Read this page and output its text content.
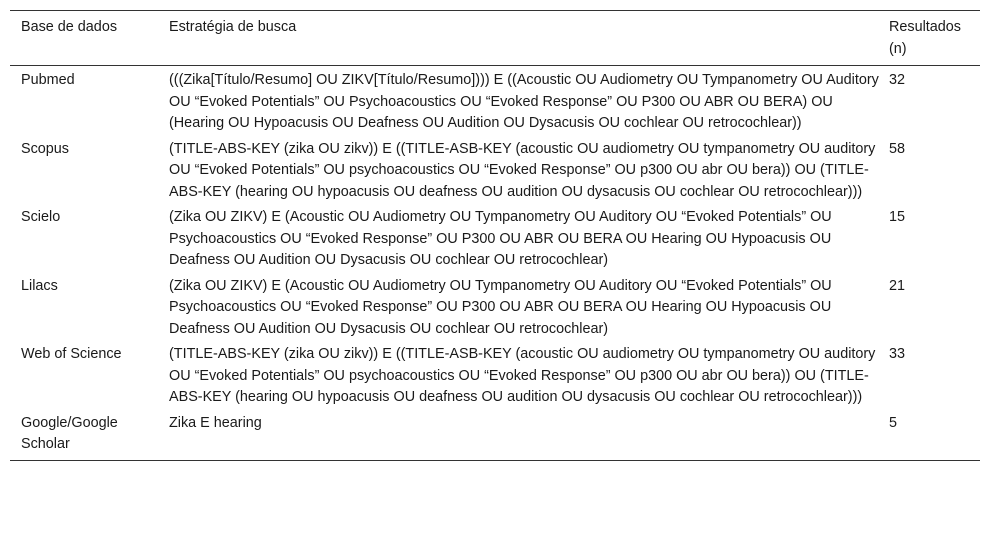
Base de dados	Estratégia de busca	Resultados (n)
Pubmed	(((Zika[Título/Resumo] OU ZIKV[Título/Resumo]))) E ((Acoustic OU Audiometry OU Tympanometry OU Auditory OU “Evoked Potentials” OU Psychoacoustics OU “Evoked Response” OU P300 OU ABR OU BERA) OU (Hearing OU Hypoacusis OU Deafness OU Audition OU Dysacusis OU cochlear OU retrocochlear))	32
Scopus	(TITLE-ABS-KEY (zika OU zikv)) E ((TITLE-ASB-KEY (acoustic OU audiometry OU tympanometry OU auditory OU “Evoked Potentials” OU psychoacoustics OU “Evoked Response” OU p300 OU abr OU bera)) OU (TITLE-ABS-KEY (hearing OU hypoacusis OU deafness OU audition OU dysacusis OU cochlear OU retrocochlear)))	58
Scielo	(Zika OU ZIKV) E (Acoustic OU Audiometry OU Tympanometry OU Auditory OU “Evoked Potentials” OU Psychoacoustics OU “Evoked Response” OU P300 OU ABR OU BERA OU Hearing OU Hypoacusis OU Deafness OU Audition OU Dysacusis OU cochlear OU retrocochlear)	15
Lilacs	(Zika OU ZIKV) E (Acoustic OU Audiometry OU Tympanometry OU Auditory OU “Evoked Potentials” OU Psychoacoustics OU “Evoked Response” OU P300 OU ABR OU BERA OU Hearing OU Hypoacusis OU Deafness OU Audition OU Dysacusis OU cochlear OU retrocochlear)	21
Web of Science	(TITLE-ABS-KEY (zika OU zikv)) E ((TITLE-ASB-KEY (acoustic OU audiometry OU tympanometry OU auditory OU “Evoked Potentials” OU psychoacoustics OU “Evoked Response” OU p300 OU abr OU bera)) OU (TITLE-ABS-KEY (hearing OU hypoacusis OU deafness OU audition OU dysacusis OU cochlear OU retrocochlear)))	33
Google/Google Scholar	Zika E hearing	5
